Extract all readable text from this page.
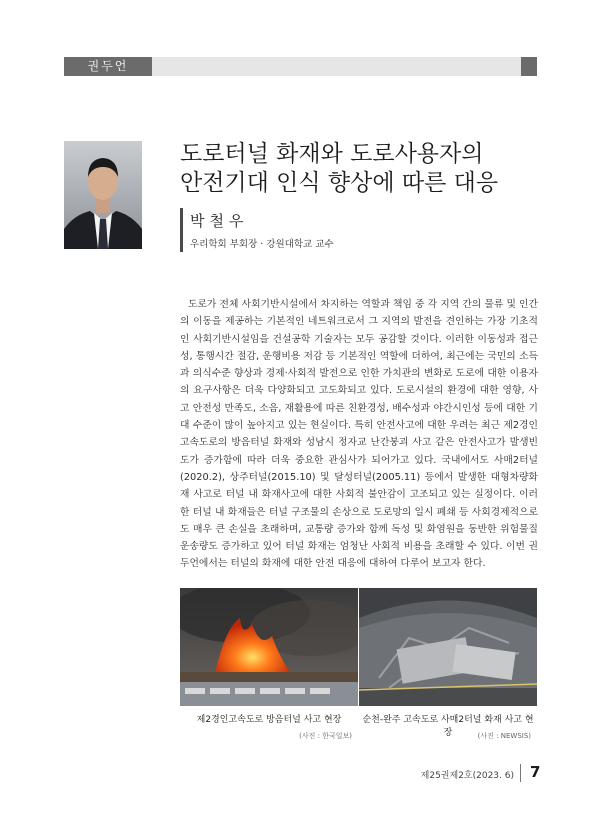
권두언
도로터널 화재와 도로사용자의
안전기대 인식 향상에 따른 대응
박철우
우리학회 부회장 · 강원대학교 교수

도로가 전체 사회기반시설에서 차지하는 역할과 책임 중 각 지역 간의 물류 및 인간의 이동을 제공하는 기본적인 네트워크로서 그 지역의 발전을 견인하는 가장 기초적인 사회기반시설임을 건설공학 기술자는 모두 공감할 것이다. 이러한 이동성과 접근성, 통행시간 절감, 운행비용 저감 등 기본적인 역할에 더하여, 최근에는 국민의 소득과 의식수준 향상과 경제·사회적 발전으로 인한 가치관의 변화로 도로에 대한 이용자의 요구사항은 더욱 다양화되고 고도화되고 있다. 도로시설의 환경에 대한 영향, 사고 안전성 만족도, 소음, 재활용에 따른 친환경성, 배수성과 야간시인성 등에 대한 기대 수준이 많이 높아지고 있는 현실이다. 특히 안전사고에 대한 우려는 최근 제2경인고속도로의 방음터널 화재와 성남시 정자교 난간붕괴 사고 같은 안전사고가 발생빈도가 증가함에 따라 더욱 중요한 관심사가 되어가고 있다. 국내에서도 사매2터널(2020.2), 상주터널(2015.10) 및 달성터널(2005.11) 등에서 발생한 대형차량화재 사고로 터널 내 화재사고에 대한 사회적 불안감이 고조되고 있는 실정이다. 이러한 터널 내 화재들은 터널 구조물의 손상으로 도로망의 일시 폐쇄 등 사회경제적으로도 매우 큰 손실을 초래하며, 교통량 증가와 함께 독성 및 화염원을 동반한 위험물질 운송량도 증가하고 있어 터널 화재는 엄청난 사회적 비용을 초래할 수 있다. 이번 권두언에서는 터널의 화재에 대한 안전 대응에 대하여 다루어 보고자 한다.

제2경인고속도로 방음터널 사고 현장	순천-완주 고속도로 사매2터널 화재 사고 현장
(사진 : 한국일보)	(사진 : NEWSIS)
제25권제2호(2023. 6) 7
